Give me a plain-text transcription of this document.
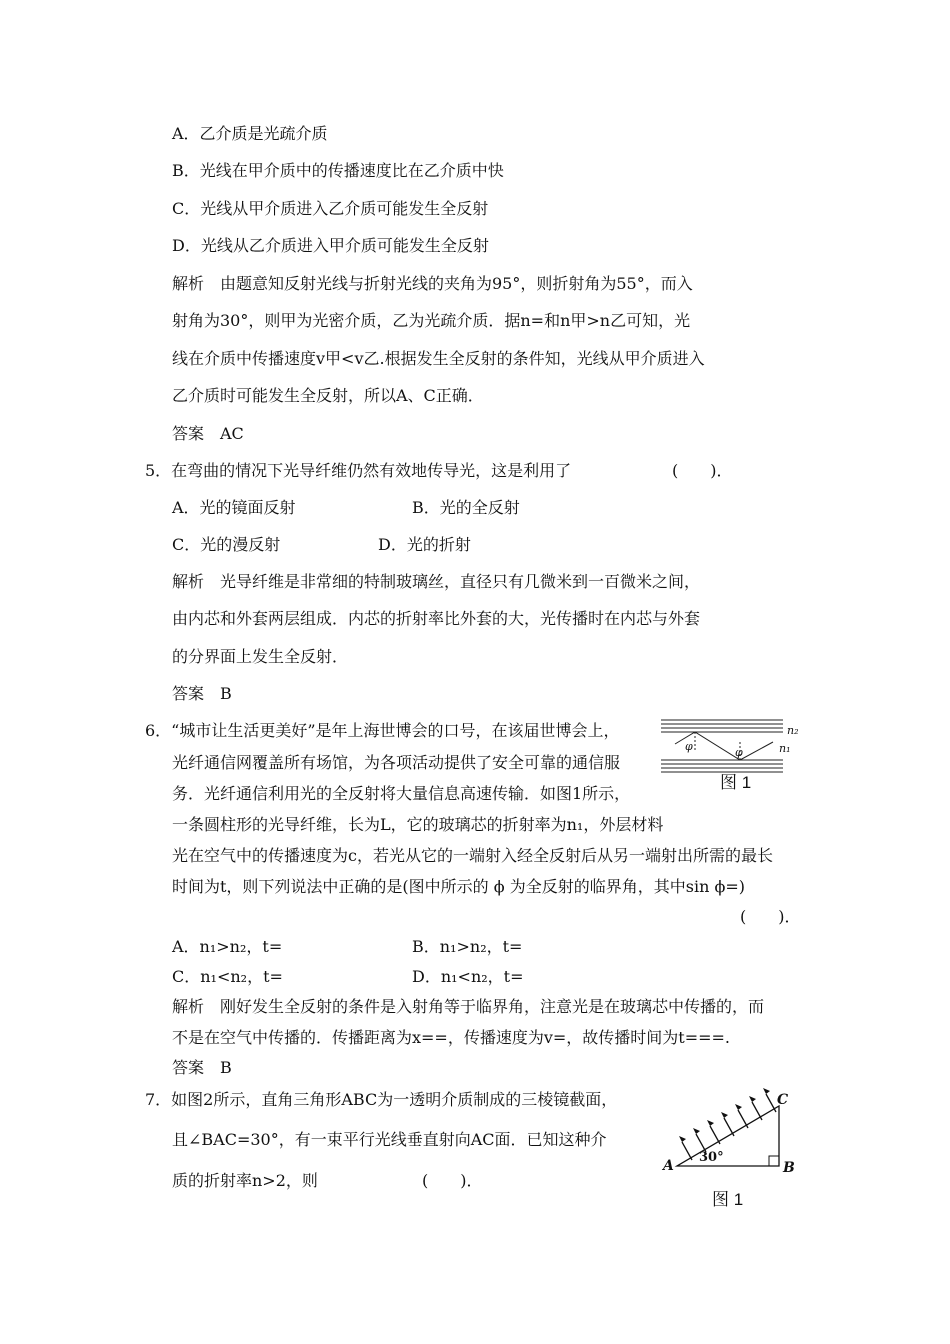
A．乙介质是光疏介质
B．光线在甲介质中的传播速度比在乙介质中快
C．光线从甲介质进入乙介质可能发生全反射
D．光线从乙介质进入甲介质可能发生全反射
解析　由题意知反射光线与折射光线的夹角为95°，则折射角为55°，而入
射角为30°，则甲为光密介质，乙为光疏介质．据n=和n甲>n乙可知，光
线在介质中传播速度v甲<v乙.根据发生全反射的条件知，光线从甲介质进入
乙介质时可能发生全反射，所以A、C正确．
答案　AC
5．在弯曲的情况下光导纤维仍然有效地传导光，这是利用了	(　　)．
A．光的镜面反射	B．光的全反射
C．光的漫反射	D．光的折射
解析　光导纤维是非常细的特制玻璃丝，直径只有几微米到一百微米之间，
由内芯和外套两层组成．内芯的折射率比外套的大，光传播时在内芯与外套
的分界面上发生全反射．
答案　B
6．“城市让生活更美好”是年上海世博会的口号，在该届世博会上，
光纤通信网覆盖所有场馆，为各项活动提供了安全可靠的通信服
务．光纤通信利用光的全反射将大量信息高速传输．如图1所示，
一条圆柱形的光导纤维，长为L，它的玻璃芯的折射率为n₁，外层材料
光在空气中的传播速度为c，若光从它的一端射入经全反射后从另一端射出所需的最长
时间为t，则下列说法中正确的是(图中所示的 ϕ 为全反射的临界角，其中sin ϕ=)
(　　)．
A．n₁>n₂，t=	B．n₁>n₂，t=
C．n₁<n₂，t=	D．n₁<n₂，t=
解析　刚好发生全反射的条件是入射角等于临界角，注意光是在玻璃芯中传播的，而
不是在空气中传播的．传播距离为x==，传播速度为v=，故传播时间为t===.
答案　B
φ	φ
n₂
n₁
图 1
7．如图2所示，直角三角形ABC为一透明介质制成的三棱镜截面，
且∠BAC=30°，有一束平行光线垂直射向AC面．已知这种介
质的折射率n>2，则	(　　)．
A	B
C
30°
图 1
